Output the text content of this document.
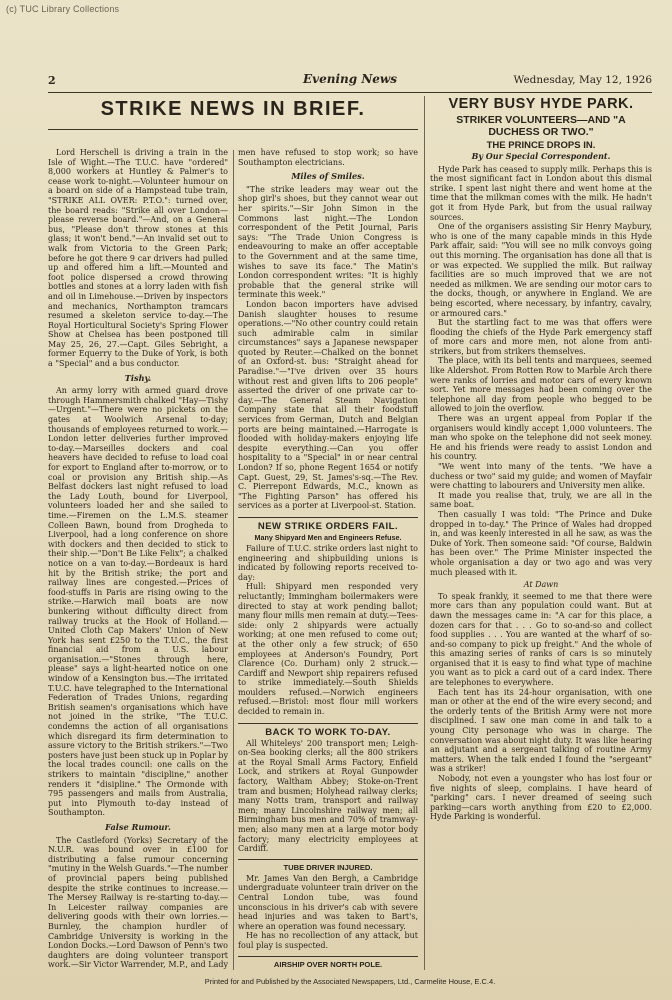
(c) TUC Library Collections
2	Evening News	Wednesday, May 12, 1926
STRIKE NEWS IN BRIEF.

Lord Herschell is driving a train in the Isle of Wight.—The T.U.C. have "ordered" 8,000 workers at Huntley & Palmer's to cease work to-night.—Volunteer humour on a board on side of a Hampstead tube train, "STRIKE ALL OVER: P.T.O.": turned over, the board reads: "Strike all over London—please reverse board."—And, on a General bus, "Please don't throw stones at this glass; it won't bend."—An invalid set out to walk from Victoria to the Green Park; before he got there 9 car drivers had pulled up and offered him a lift.—Mounted and foot police dispersed a crowd throwing bottles and stones at a lorry laden with fish and oil in Limehouse.—Driven by inspectors and mechanics, Northampton tramcars resumed a skeleton service to-day.—The Royal Horticultural Society's Spring Flower Show at Chelsea has been postponed till May 25, 26, 27.—Capt. Giles Sebright, a former Equerry to the Duke of York, is both a "Special" and a bus conductor.

Tishy.

An army lorry with armed guard drove through Hammersmith chalked "Hay—Tishy—Urgent."—There were no pickets on the gates at Woolwich Arsenal to-day; thousands of employees returned to work.—London letter deliveries further improved to-day.—Marseilles dockers and coal heavers have decided to refuse to load coal for export to England after to-morrow, or to coal or provision any British ship.—As Belfast dockers last night refused to load the Lady Louth, bound for Liverpool, volunteers loaded her and she sailed to time.—Firemen on the L.M.S. steamer Colleen Bawn, bound from Drogheda to Liverpool, had a long conference on shore with dockers and then decided to stick to their ship.—"Don't Be Like Felix"; a chalked notice on a van to-day.—Bordeaux is hard hit by the British strike; the port and railway lines are congested.—Prices of food-stuffs in Paris are rising owing to the strike.—Harwich mail boats are now bunkering without difficulty direct from railway trucks at the Hook of Holland.—United Cloth Cap Makers' Union of New York has sent £250 to the T.U.C., the first financial aid from a U.S. labour organisation.—"Stones through here, please" says a light-hearted notice on one window of a Kensington bus.—The irritated T.U.C. have telegraphed to the International Federation of Trades Unions, regarding British seamen's organisations which have not joined in the strike, "The T.U.C. condemns the action of all organisations which disregard its firm determination to assure victory to the British strikers."—Two posters have just been stuck up in Poplar by the local trades council: one calls on the strikers to maintain "discipline," another renders it "disipline." The Ormonde with 795 passengers and mails from Australia, put into Plymouth to-day instead of Southampton.

False Rumour.

The Castleford (Yorks) Secretary of the N.U.R. was bound over in £100 for distributing a false rumour concerning "mutiny in the Welsh Guards."—The number of provincial papers being published despite the strike continues to increase.—The Mersey Railway is re-starting to-day.—In Leicester railway companies are delivering goods with their own lorries.—Burnley, the champion hurdler of Cambridge University is working in the London Docks.—Lord Dawson of Penn's two daughters are doing volunteer transport work.—Sir Victor Warrender, M.P., and Lady

men have refused to stop work; so have Southampton electricians.

Miles of Smiles.

"The strike leaders may wear out the shop girl's shoes, but they cannot wear out her spirits."—Sir John Simon in the Commons last night.—The London correspondent of the Petit Journal, Paris says: "The Trade Union Congress is endeavouring to make an offer acceptable to the Government and at the same time, wishes to save its face." The Matin's London correspondent writes: "It is highly probable that the general strike will terminate this week."

London bacon importers have advised Danish slaughter houses to resume operations.—"No other country could retain such admirable calm in similar circumstances" says a Japanese newspaper quoted by Reuter.—Chalked on the bonnet of an Oxford-st. bus: "Straight ahead for Paradise."—"I've driven over 35 hours without rest and given lifts to 206 people" asserted the driver of one private car to-day.—The General Steam Navigation Company state that all their foodstuff services from German, Dutch and Belgian ports are being maintained.—Harrogate is flooded with holiday-makers enjoying life despite everything.—Can you offer hospitality to a "Special" in or near central London? If so, phone Regent 1654 or notify Capt. Guest, 29, St. James's-sq.—The Rev. C. Pierrepont Edwards, M.C., known as "The Fighting Parson" has offered his services as a porter at Liverpool-st. Station.

NEW STRIKE ORDERS FAIL.
Many Shipyard Men and Engineers Refuse.

Failure of T.U.C. strike orders last night to engineering and shipbuilding unions is indicated by following reports received to-day:

Hull: Shipyard men responded very reluctantly; Immingham boilermakers were directed to stay at work pending ballot; many flour mills men remain at duty.—Tees-side: only 2 shipyards were actually working; at one men refused to come out; at the other only a few struck; of 650 employees at Anderson's Foundry, Port Clarence (Co. Durham) only 2 struck.—Cardiff and Newport ship repairers refused to strike immediately.—South Shields moulders refused.—Norwich engineers refused.—Bristol: most flour mill workers decided to remain in.

BACK TO WORK TO-DAY.

All Whiteleys' 200 transport men; Leigh-on-Sea booking clerks; all the 800 strikers at the Royal Small Arms Factory, Enfield Lock, and strikers at Royal Gunpowder factory, Waltham Abbey; Stoke-on-Trent tram and busmen; Holyhead railway clerks; many Notts tram, transport and railway men; many Lincolnshire railway men; all Birmingham bus men and 70% of tramway-men; also many men at a large motor body factory; many electricity employees at Cardiff.

TUBE DRIVER INJURED.

Mr. James Van den Bergh, a Cambridge undergraduate volunteer train driver on the Central London tube, was found unconscious in his driver's cab with severe head injuries and was taken to Bart's, where an operation was found necessary.

He has no recollection of any attack, but foul play is suspected.

AIRSHIP OVER NORTH POLE.

VERY BUSY HYDE PARK.
STRIKER VOLUNTEERS—AND "A DUCHESS OR TWO."
THE PRINCE DROPS IN.

By Our Special Correspondent.

Hyde Park has ceased to supply milk. Perhaps this is the most significant fact in London about this dismal strike. I spent last night there and went home at the time that the milkman comes with the milk. He hadn't got it from Hyde Park, but from the usual railway sources.

One of the organisers assisting Sir Henry Maybury, who is one of the many capable minds in this Hyde Park affair, said: "You will see no milk convoys going out this morning. The organisation has done all that is or was expected. We supplied the milk. But railway facilities are so much improved that we are not needed as milkmen. We are sending our motor cars to the docks, though, or anywhere in England. We are being escorted, where necessary, by infantry, cavalry, or armoured cars."

But the startling fact to me was that offers were flooding the chiefs of the Hyde Park emergency staff of more cars and more men, not alone from anti-strikers, but from strikers themselves.

The place, with its bell tents and marquees, seemed like Aldershot. From Rotten Row to Marble Arch there were ranks of lorries and motor cars of every known sort. Yet more messages had been coming over the telephone all day from people who begged to be allowed to join the overflow.

There was an urgent appeal from Poplar if the organisers would kindly accept 1,000 volunteers. The man who spoke on the telephone did not seek money. He and his friends were ready to assist London and his country.

"We went into many of the tents. "We have a duchess or two" said my guide; and women of Mayfair were chatting to labourers and University men alike.

It made you realise that, truly, we are all in the same boat.

Then casually I was told: "The Prince and Duke dropped in to-day." The Prince of Wales had dropped in, and was keenly interested in all he saw, as was the Duke of York. Then someone said: "Of course, Baldwin has been over." The Prime Minister inspected the whole organisation a day or two ago and was very much pleased with it.

At Dawn

To speak frankly, it seemed to me that there were more cars than any population could want. But at dawn the messages came in: "A car for this place, a dozen cars for that . . . Go to so-and-so and collect food supplies . . . You are wanted at the wharf of so-and-so company to pick up freight." And the whole of this amazing series of ranks of cars is so minutely organised that it is easy to find what type of machine you want as to pick a card out of a card index. There are telephones to everywhere.

Each tent has its 24-hour organisation, with one man or other at the end of the wire every second; and the orderly tents of the British Army were not more disciplined. I saw one man come in and talk to a young City personage who was in charge. The conversation was about night duty. It was like hearing an adjutant and a sergeant talking of routine Army matters. When the talk ended I found the "sergeant" was a striker!

Nobody, not even a youngster who has lost four or five nights of sleep, complains. I have heard of "parking" cars. I never dreamed of seeing such parking—cars worth anything from £20 to £2,000. Hyde Parking is wonderful.

Printed for and Published by the Associated Newspapers, Ltd., Carmelite House, E.C.4.
